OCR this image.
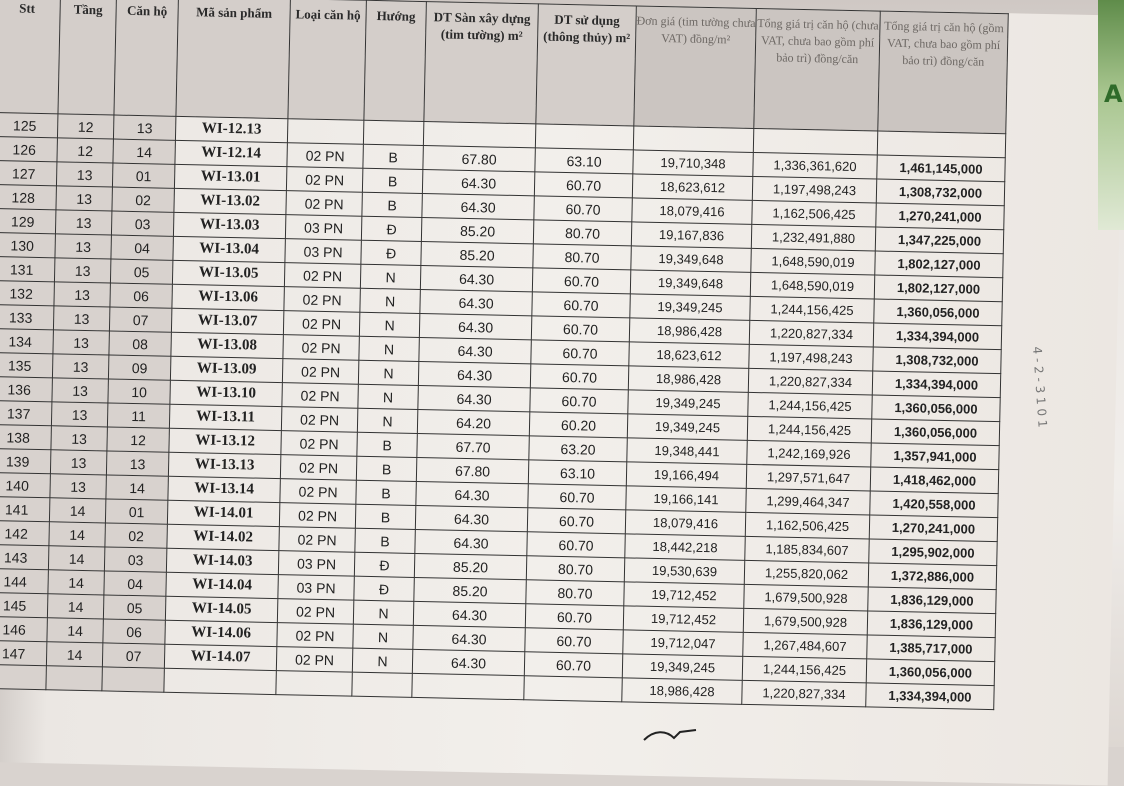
Stt	Tầng	Căn hộ	Mã sản phẩm	Loại căn hộ	Hướng	DT Sàn xây dựng (tim tường) m²	DT sử dụng (thông thủy) m²	Đơn giá (tim tường chưa VAT) đồng/m²	Tổng giá trị căn hộ (chưa VAT, chưa bao gồm phí bảo trì) đồng/căn	Tổng giá trị căn hộ (gồm VAT, chưa bao gồm phí bảo trì) đồng/căn
125	12	13	WI-12.13							
126	12	14	WI-12.14	02 PN	B	67.80	63.10	19,710,348	1,336,361,620	1,461,145,000
127	13	01	WI-13.01	02 PN	B	64.30	60.70	18,623,612	1,197,498,243	1,308,732,000
128	13	02	WI-13.02	02 PN	B	64.30	60.70	18,079,416	1,162,506,425	1,270,241,000
129	13	03	WI-13.03	03 PN	Đ	85.20	80.70	19,167,836	1,232,491,880	1,347,225,000
130	13	04	WI-13.04	03 PN	Đ	85.20	80.70	19,349,648	1,648,590,019	1,802,127,000
131	13	05	WI-13.05	02 PN	N	64.30	60.70	19,349,648	1,648,590,019	1,802,127,000
132	13	06	WI-13.06	02 PN	N	64.30	60.70	19,349,245	1,244,156,425	1,360,056,000
133	13	07	WI-13.07	02 PN	N	64.30	60.70	18,986,428	1,220,827,334	1,334,394,000
134	13	08	WI-13.08	02 PN	N	64.30	60.70	18,623,612	1,197,498,243	1,308,732,000
135	13	09	WI-13.09	02 PN	N	64.30	60.70	18,986,428	1,220,827,334	1,334,394,000
136	13	10	WI-13.10	02 PN	N	64.30	60.70	19,349,245	1,244,156,425	1,360,056,000
137	13	11	WI-13.11	02 PN	N	64.20	60.20	19,349,245	1,244,156,425	1,360,056,000
138	13	12	WI-13.12	02 PN	B	67.70	63.20	19,348,441	1,242,169,926	1,357,941,000
139	13	13	WI-13.13	02 PN	B	67.80	63.10	19,166,494	1,297,571,647	1,418,462,000
140	13	14	WI-13.14	02 PN	B	64.30	60.70	19,166,141	1,299,464,347	1,420,558,000
141	14	01	WI-14.01	02 PN	B	64.30	60.70	18,079,416	1,162,506,425	1,270,241,000
142	14	02	WI-14.02	02 PN	B	64.30	60.70	18,442,218	1,185,834,607	1,295,902,000
143	14	03	WI-14.03	03 PN	Đ	85.20	80.70	19,530,639	1,255,820,062	1,372,886,000
144	14	04	WI-14.04	03 PN	Đ	85.20	80.70	19,712,452	1,679,500,928	1,836,129,000
145	14	05	WI-14.05	02 PN	N	64.30	60.70	19,712,452	1,679,500,928	1,836,129,000
146	14	06	WI-14.06	02 PN	N	64.30	60.70	19,712,047	1,267,484,607	1,385,717,000
147	14	07	WI-14.07	02 PN	N	64.30	60.70	19,349,245	1,244,156,425	1,360,056,000
								18,986,428	1,220,827,334	1,334,394,000
A
4 - 2 - 3 1 0 1
